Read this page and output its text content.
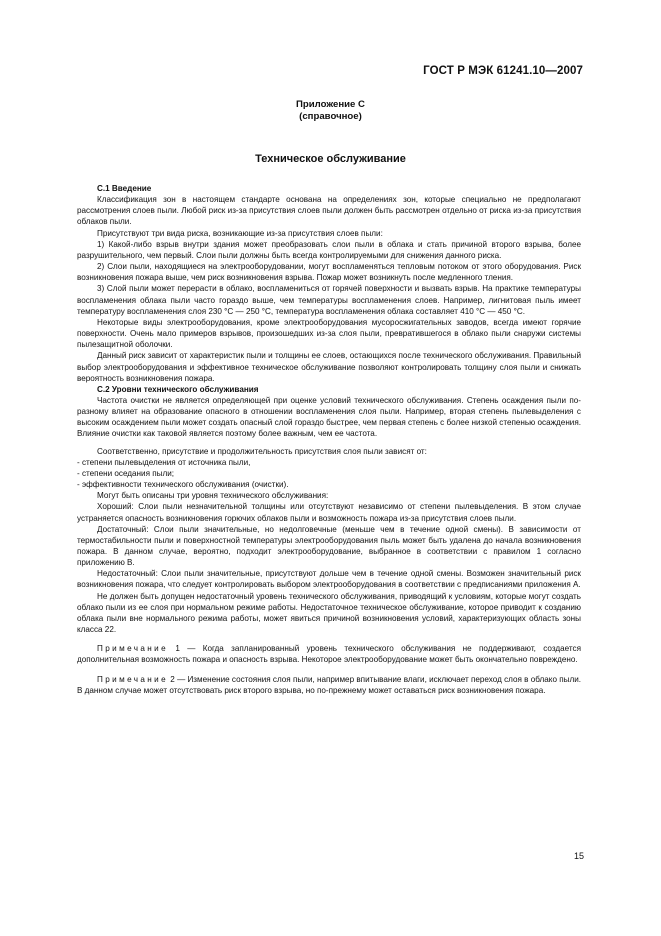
ГОСТ Р МЭК 61241.10—2007
Приложение С
(справочное)
Техническое обслуживание

С.1 Введение

Классификация зон в настоящем стандарте основана на определениях зон, которые специально не предполагают рассмотрения слоев пыли. Любой риск из-за присутствия слоев пыли должен быть рассмотрен отдельно от риска из-за присутствия облаков пыли.

Присутствуют три вида риска, возникающие из-за присутствия слоев пыли:

1) Какой-либо взрыв внутри здания может преобразовать слои пыли в облака и стать причиной второго взрыва, более разрушительного, чем первый. Слои пыли должны быть всегда контролируемыми для снижения данного риска.

2) Слои пыли, находящиеся на электрооборудовании, могут воспламеняться тепловым потоком от этого оборудования. Риск возникновения пожара выше, чем риск возникновения взрыва. Пожар может возникнуть после медленного тления.

3) Слой пыли может перерасти в облако, воспламениться от горячей поверхности и вызвать взрыв. На практике температуры воспламенения облака пыли часто гораздо выше, чем температуры воспламенения слоев. Например, лигнитовая пыль имеет температуру воспламенения слоя 230 °С — 250 °С, температура воспламенения облака составляет 410 °С — 450 °С.

Некоторые виды электрооборудования, кроме электрооборудования мусоросжигательных заводов, всегда имеют горячие поверхности. Очень мало примеров взрывов, произошедших из-за слоя пыли, превратившегося в облако пыли снаружи системы пылезащитной оболочки.

Данный риск зависит от характеристик пыли и толщины ее слоев, остающихся после технического обслуживания. Правильный выбор электрооборудования и эффективное техническое обслуживание позволяют контролировать толщину слоя пыли и снижать вероятность возникновения пожара.

С.2 Уровни технического обслуживания

Частота очистки не является определяющей при оценке условий технического обслуживания. Степень осаждения пыли по-разному влияет на образование опасного в отношении воспламенения слоя пыли. Например, вторая степень пылевыделения с высоким осаждением пыли может создать опасный слой гораздо быстрее, чем первая степень с более низкой степенью осаждения. Влияние очистки как таковой является поэтому более важным, чем ее частота.

Соответственно, присутствие и продолжительность присутствия слоя пыли зависят от:

- степени пылевыделения от источника пыли,

- степени оседания пыли;

- эффективности технического обслуживания (очистки).

Могут быть описаны три уровня технического обслуживания:

Хороший: Слои пыли незначительной толщины или отсутствуют независимо от степени пылевыделения. В этом случае устраняется опасность возникновения горючих облаков пыли и возможность пожара из-за присутствия слоев пыли.

Достаточный: Слои пыли значительные, но недолговечные (меньше чем в течение одной смены). В зависимости от термостабильности пыли и поверхностной температуры электрооборудования пыль может быть удалена до начала возникновения пожара. В данном случае, вероятно, подходит электрооборудование, выбранное в соответствии с правилом 1 согласно приложению В.

Недостаточный: Слои пыли значительные, присутствуют дольше чем в течение одной смены. Возможен значительный риск возникновения пожара, что следует контролировать выбором электрооборудования в соответствии с предписаниями приложения А.

Не должен быть допущен недостаточный уровень технического обслуживания, приводящий к условиям, которые могут создать облако пыли из ее слоя при нормальном режиме работы. Недостаточное техническое обслуживание, которое приводит к созданию облака пыли вне нормального режима работы, может явиться причиной возникновения условий, характеризующих область зоны класса 22.

Примечание 1 — Когда запланированный уровень технического обслуживания не поддерживают, создается дополнительная возможность пожара и опасность взрыва. Некоторое электрооборудование может быть окончательно повреждено.

Примечание 2 — Изменение состояния слоя пыли, например впитывание влаги, исключает переход слоя в облако пыли. В данном случае может отсутствовать риск второго взрыва, но по-прежнему может оставаться риск возникновения пожара.

15
